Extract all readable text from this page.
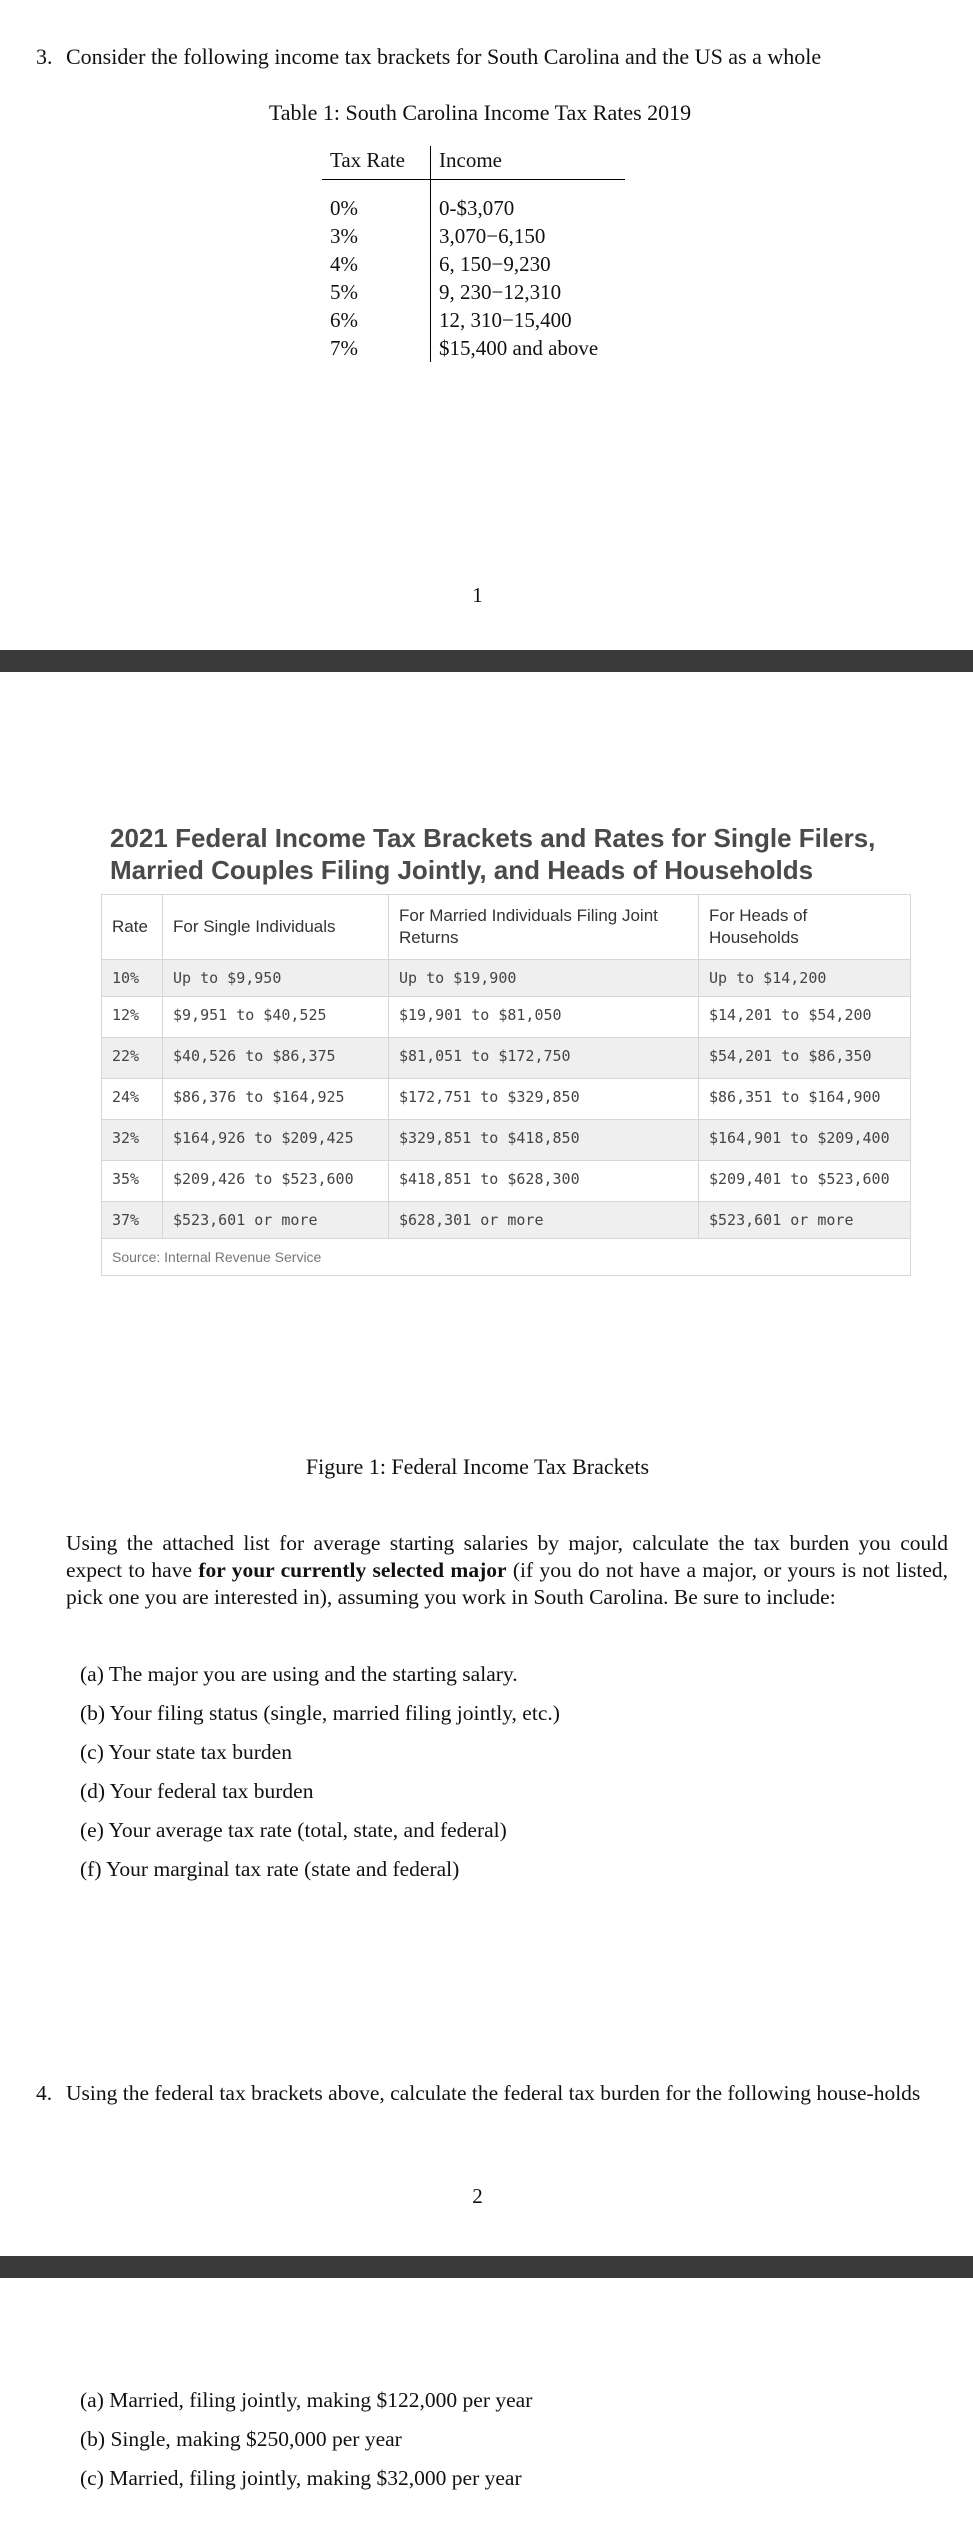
3. Consider the following income tax brackets for South Carolina and the US as a whole
Table 1: South Carolina Income Tax Rates 2019
Tax Rate	Income

0%	0-$3,070
3%	3,070−6,150
4%	6, 150−9,230
5%	9, 230−12,310
6%	12, 310−15,400
7%	$15,400 and above
1
2021 Federal Income Tax Brackets and Rates for Single Filers, Married Couples Filing Jointly, and Heads of Households
Rate	For Single Individuals	For Married Individuals Filing Joint Returns	For Heads of Households
10%	Up to $9,950	Up to $19,900	Up to $14,200
12%	$9,951 to $40,525	$19,901 to $81,050	$14,201 to $54,200
22%	$40,526 to $86,375	$81,051 to $172,750	$54,201 to $86,350
24%	$86,376 to $164,925	$172,751 to $329,850	$86,351 to $164,900
32%	$164,926 to $209,425	$329,851 to $418,850	$164,901 to $209,400
35%	$209,426 to $523,600	$418,851 to $628,300	$209,401 to $523,600
37%	$523,601 or more	$628,301 or more	$523,601 or more
Source: Internal Revenue Service
Figure 1: Federal Income Tax Brackets
Using the attached list for average starting salaries by major, calculate the tax burden you could expect to have for your currently selected major (if you do not have a major, or yours is not listed, pick one you are interested in), assuming you work in South Carolina. Be sure to include:
(a) The major you are using and the starting salary.
(b) Your filing status (single, married filing jointly, etc.)
(c) Your state tax burden
(d) Your federal tax burden
(e) Your average tax rate (total, state, and federal)
(f) Your marginal tax rate (state and federal)
4. Using the federal tax brackets above, calculate the federal tax burden for the following house-holds
2
(a) Married, filing jointly, making $122,000 per year
(b) Single, making $250,000 per year
(c) Married, filing jointly, making $32,000 per year
